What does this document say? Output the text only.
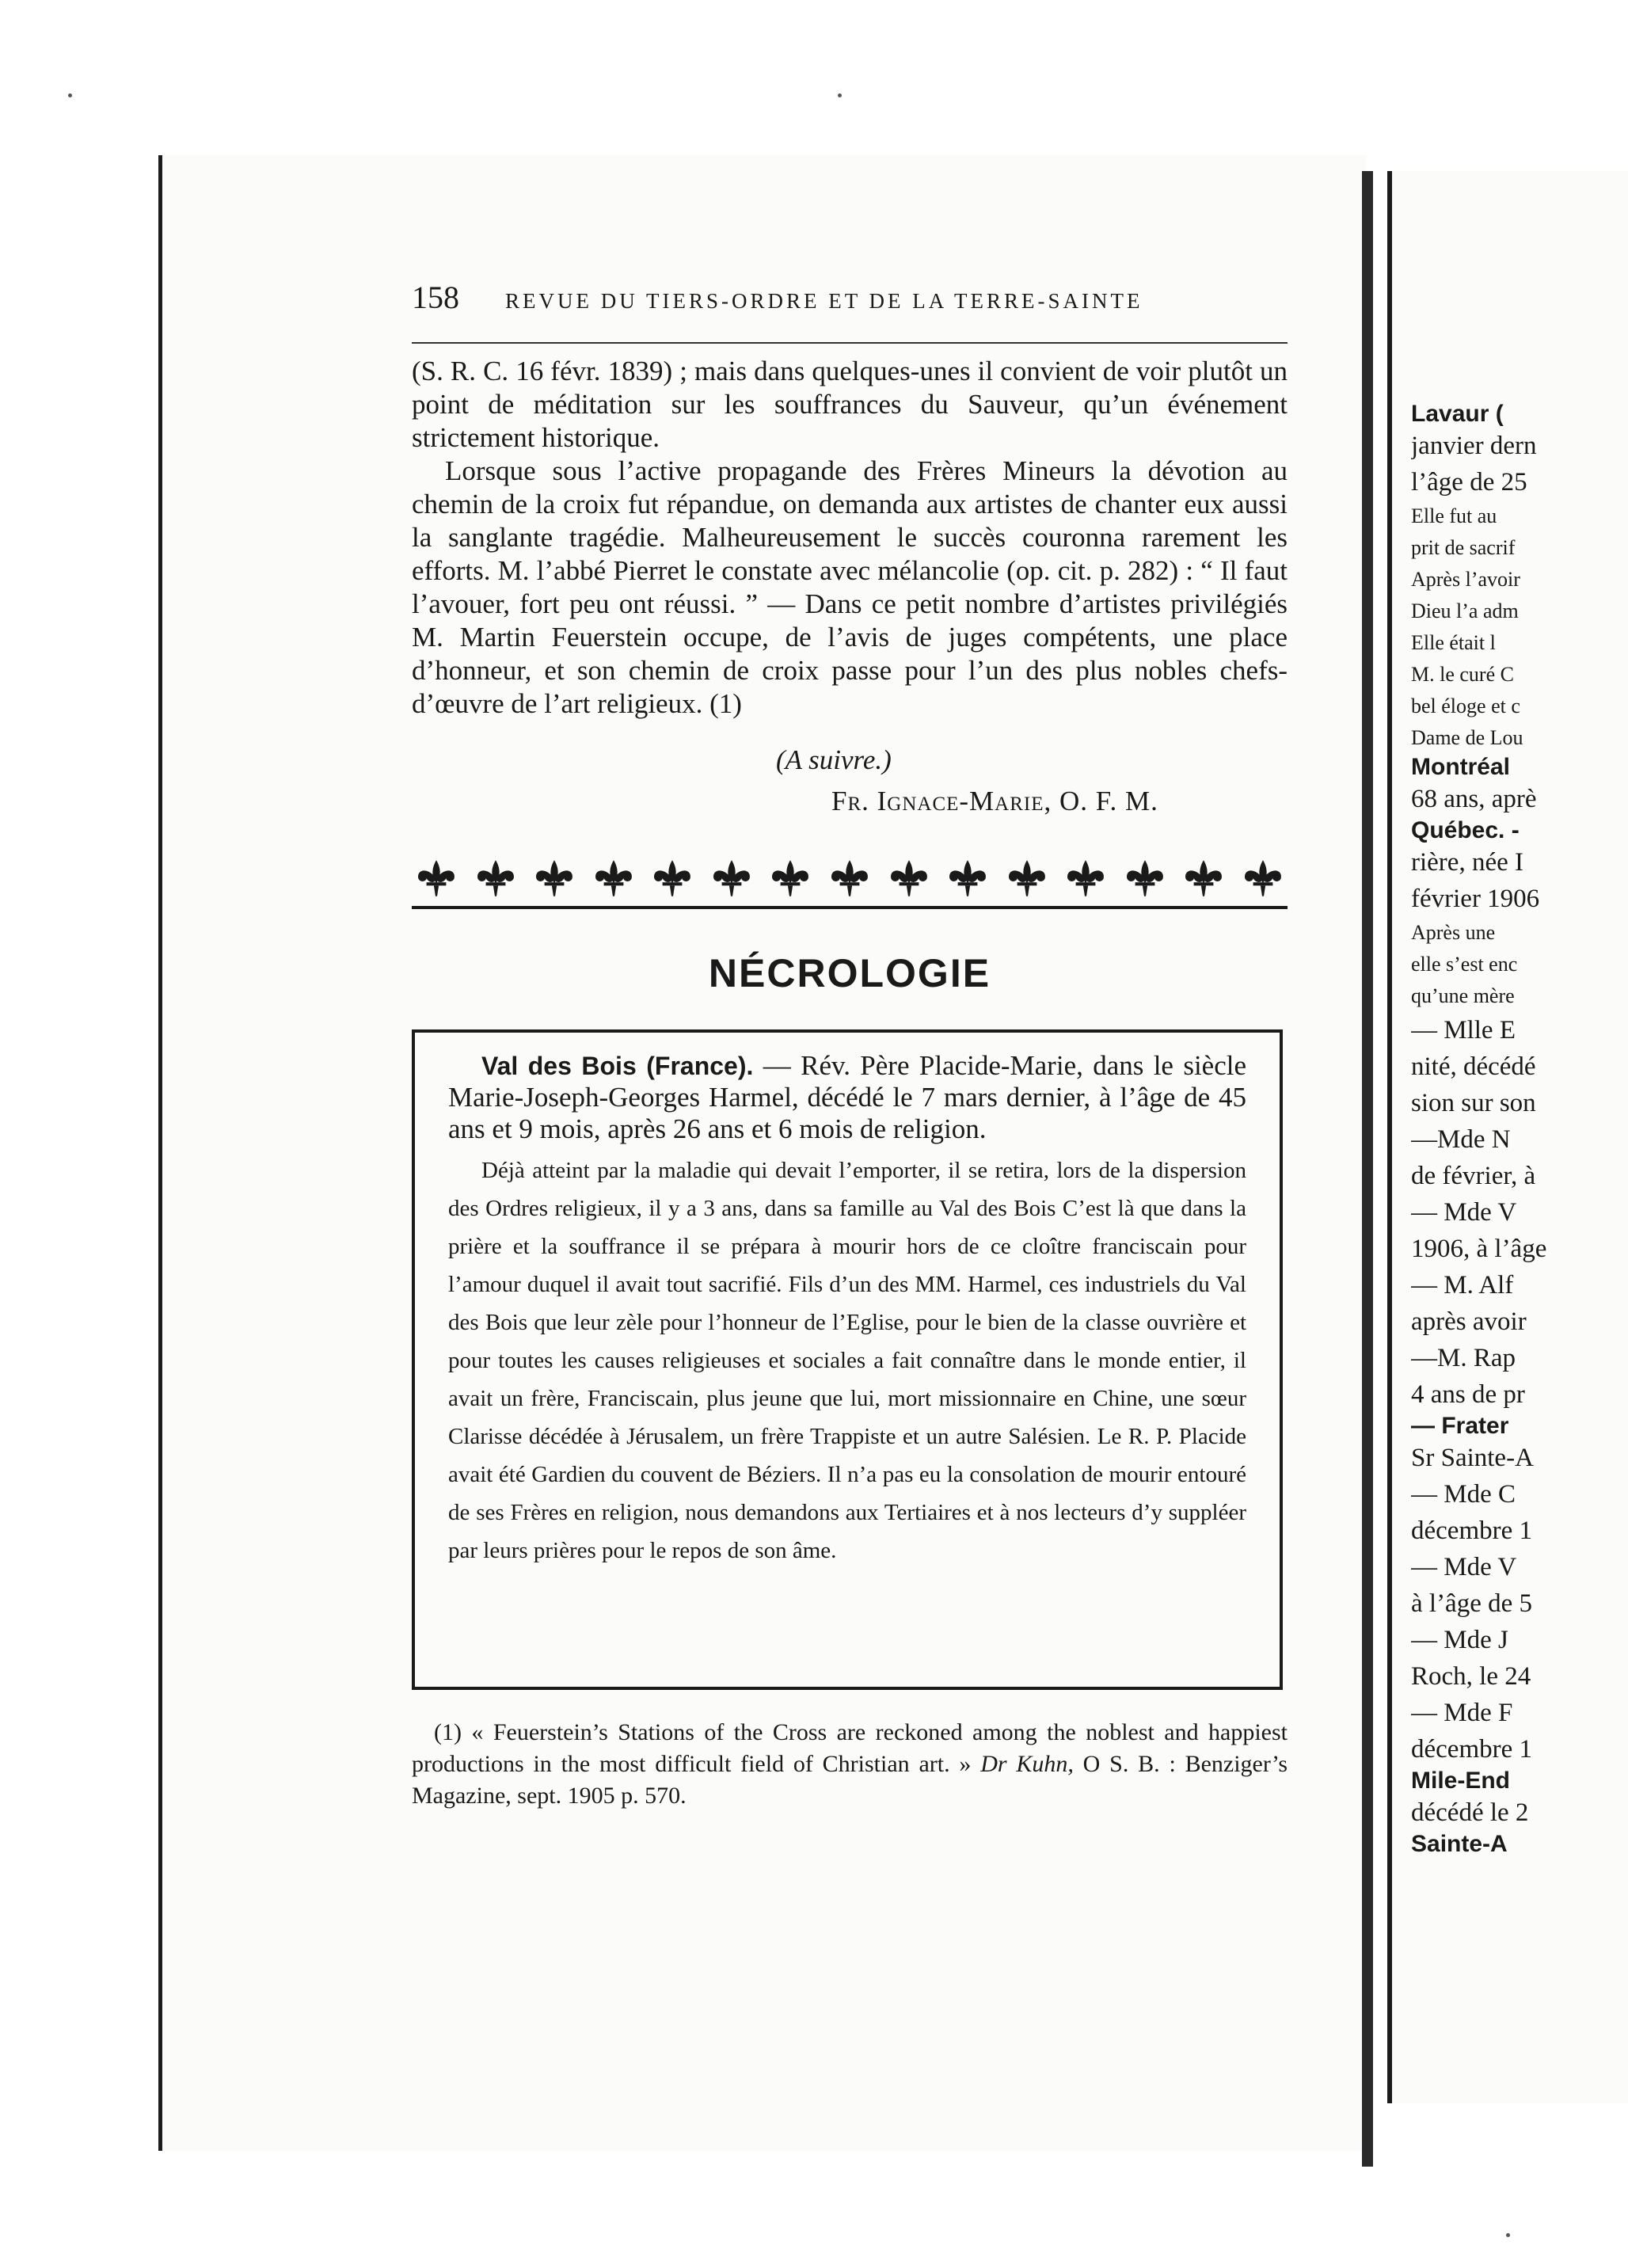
Lavaur (
janvier dern
l’âge de 25
Elle fut au
prit de sacrif
Après l’avoir
Dieu l’a adm
Elle était l
M. le curé C
bel éloge et c
Dame de Lou
Montréal
68 ans, aprè
Québec. -
rière, née I
février 1906
Après une
elle s’est enc
qu’une mère
— Mlle E
nité, décédé
sion sur son
—Mde N
de février, à
— Mde V
1906, à l’âge
— M. Alf
après avoir
—M. Rap
4 ans de pr
— Frater
Sr Sainte-A
— Mde C
décembre 1
— Mde V
à l’âge de 5
— Mde J
Roch, le 24
— Mde F
décembre 1
Mile-End
décédé le 2
Sainte-A
158 REVUE DU TIERS-ORDRE ET DE LA TERRE-SAINTE

(S. R. C. 16 févr. 1839) ; mais dans quelques-unes il convient de voir plutôt un point de méditation sur les souffrances du Sauveur, qu’un événement strictement historique.

Lorsque sous l’active propagande des Frères Mineurs la dévotion au chemin de la croix fut répandue, on demanda aux artistes de chanter eux aussi la sanglante tragédie. Malheureusement le succès couronna rarement les efforts. M. l’abbé Pierret le constate avec mélancolie (op. cit. p. 282) : “ Il faut l’avouer, fort peu ont réussi. ” — Dans ce petit nombre d’artistes privilégiés M. Martin Feuerstein occupe, de l’avis de juges compétents, une place d’honneur, et son chemin de croix passe pour l’un des plus nobles chefs-d’œuvre de l’art religieux. (1)

(A suivre.)
Fr. Ignace-Marie, O. F. M.
NÉCROLOGIE

Val des Bois (France). — Rév. Père Placide-Marie, dans le siècle Marie-Joseph-Georges Harmel, décédé le 7 mars dernier, à l’âge de 45 ans et 9 mois, après 26 ans et 6 mois de religion.

Déjà atteint par la maladie qui devait l’emporter, il se retira, lors de la dispersion des Ordres religieux, il y a 3 ans, dans sa famille au Val des Bois C’est là que dans la prière et la souffrance il se prépara à mourir hors de ce cloître franciscain pour l’amour duquel il avait tout sacrifié. Fils d’un des MM. Harmel, ces industriels du Val des Bois que leur zèle pour l’honneur de l’Eglise, pour le bien de la classe ouvrière et pour toutes les causes religieuses et sociales a fait connaître dans le monde entier, il avait un frère, Franciscain, plus jeune que lui, mort missionnaire en Chine, une sœur Clarisse décédée à Jérusalem, un frère Trappiste et un autre Salésien. Le R. P. Placide avait été Gardien du couvent de Béziers. Il n’a pas eu la consolation de mourir entouré de ses Frères en religion, nous demandons aux Tertiaires et à nos lecteurs d’y suppléer par leurs prières pour le repos de son âme.

(1) « Feuerstein’s Stations of the Cross are reckoned among the noblest and happiest productions in the most difficult field of Christian art. » Dr Kuhn, O S. B. : Benziger’s Magazine, sept. 1905 p. 570.
